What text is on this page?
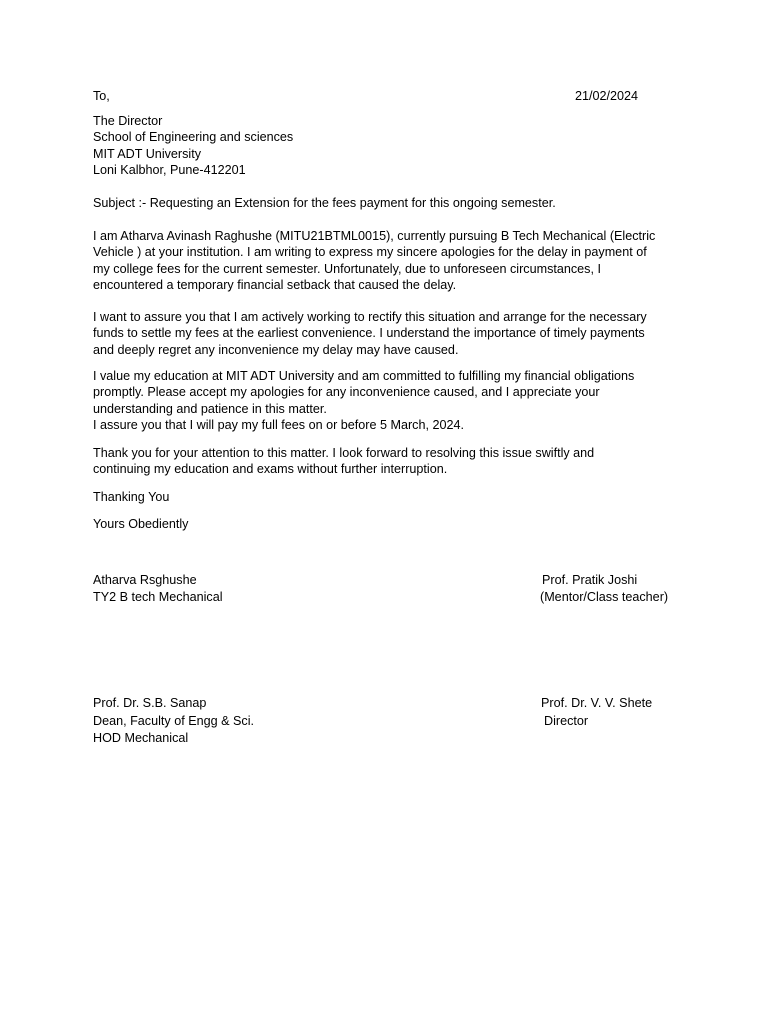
To,	21/02/2024
The Director
School of Engineering and sciences
MIT ADT University
Loni Kalbhor, Pune-412201
Subject :- Requesting an Extension for the fees payment for this ongoing semester.
I am Atharva Avinash Raghushe (MITU21BTML0015), currently pursuing B Tech Mechanical (Electric
Vehicle ) at your institution. I am writing to express my sincere apologies for the delay in payment of
my college fees for the current semester. Unfortunately, due to unforeseen circumstances, I
encountered a temporary financial setback that caused the delay.
I want to assure you that I am actively working to rectify this situation and arrange for the necessary
funds to settle my fees at the earliest convenience. I understand the importance of timely payments
and deeply regret any inconvenience my delay may have caused.
I value my education at MIT ADT University and am committed to fulfilling my financial obligations
promptly. Please accept my apologies for any inconvenience caused, and I appreciate your
understanding and patience in this matter.
I assure you that I will pay my full fees on or before 5 March, 2024.
Thank you for your attention to this matter. I look forward to resolving this issue swiftly and
continuing my education and exams without further interruption.
Thanking You
Yours Obediently
Atharva Rsghushe
TY2 B tech Mechanical
Prof. Pratik Joshi
(Mentor/Class teacher)
Prof. Dr. S.B. Sanap
Dean, Faculty of Engg & Sci.
HOD Mechanical
Prof. Dr. V. V. Shete
Director
